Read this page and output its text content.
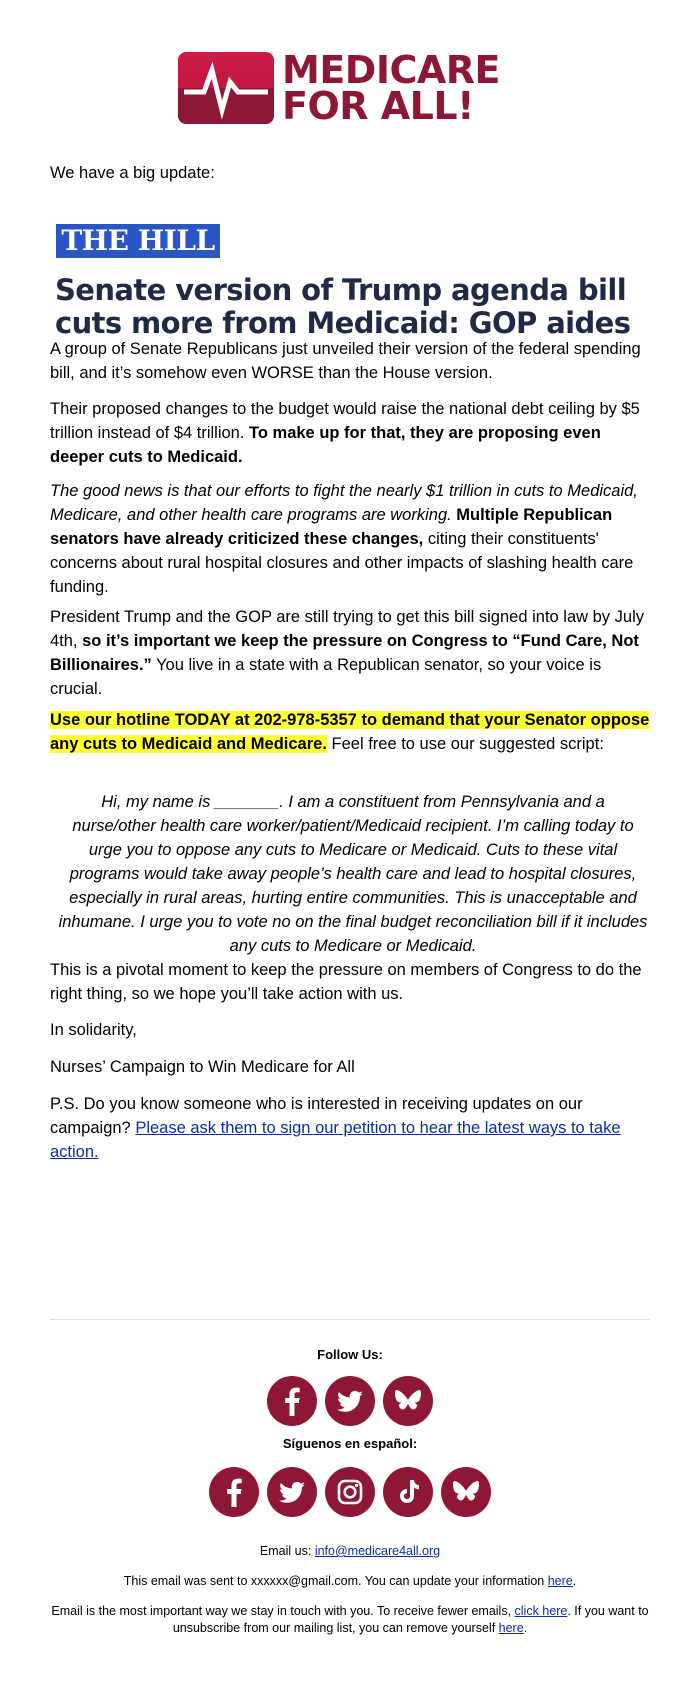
MEDICARE
FOR ALL!
We have a big update:
THE HILL
Senate version of Trump agenda bill cuts more from Medicaid: GOP aides
A group of Senate Republicans just unveiled their version of the federal spending bill, and it’s somehow even WORSE than the House version.
Their proposed changes to the budget would raise the national debt ceiling by $5 trillion instead of $4 trillion. To make up for that, they are proposing even deeper cuts to Medicaid.
The good news is that our efforts to fight the nearly $1 trillion in cuts to Medicaid, Medicare, and other health care programs are working. Multiple Republican senators have already criticized these changes, citing their constituents' concerns about rural hospital closures and other impacts of slashing health care funding.
President Trump and the GOP are still trying to get this bill signed into law by July 4th, so it’s important we keep the pressure on Congress to “Fund Care, Not Billionaires.” You live in a state with a Republican senator, so your voice is crucial.
Use our hotline TODAY at 202-978-5357 to demand that your Senator oppose any cuts to Medicaid and Medicare. Feel free to use our suggested script:
Hi, my name is _______. I am a constituent from Pennsylvania and a nurse/other health care worker/patient/Medicaid recipient. I’m calling today to urge you to oppose any cuts to Medicare or Medicaid. Cuts to these vital programs would take away people’s health care and lead to hospital closures, especially in rural areas, hurting entire communities. This is unacceptable and inhumane. I urge you to vote no on the final budget reconciliation bill if it includes any cuts to Medicare or Medicaid.
This is a pivotal moment to keep the pressure on members of Congress to do the right thing, so we hope you’ll take action with us.
In solidarity,
Nurses’ Campaign to Win Medicare for All
P.S. Do you know someone who is interested in receiving updates on our campaign? Please ask them to sign our petition to hear the latest ways to take action.
Follow Us:
Síguenos en español:
Email us: info@medicare4all.org
This email was sent to xxxxxx@gmail.com. You can update your information here.
Email is the most important way we stay in touch with you. To receive fewer emails, click here. If you want to unsubscribe from our mailing list, you can remove yourself here.
